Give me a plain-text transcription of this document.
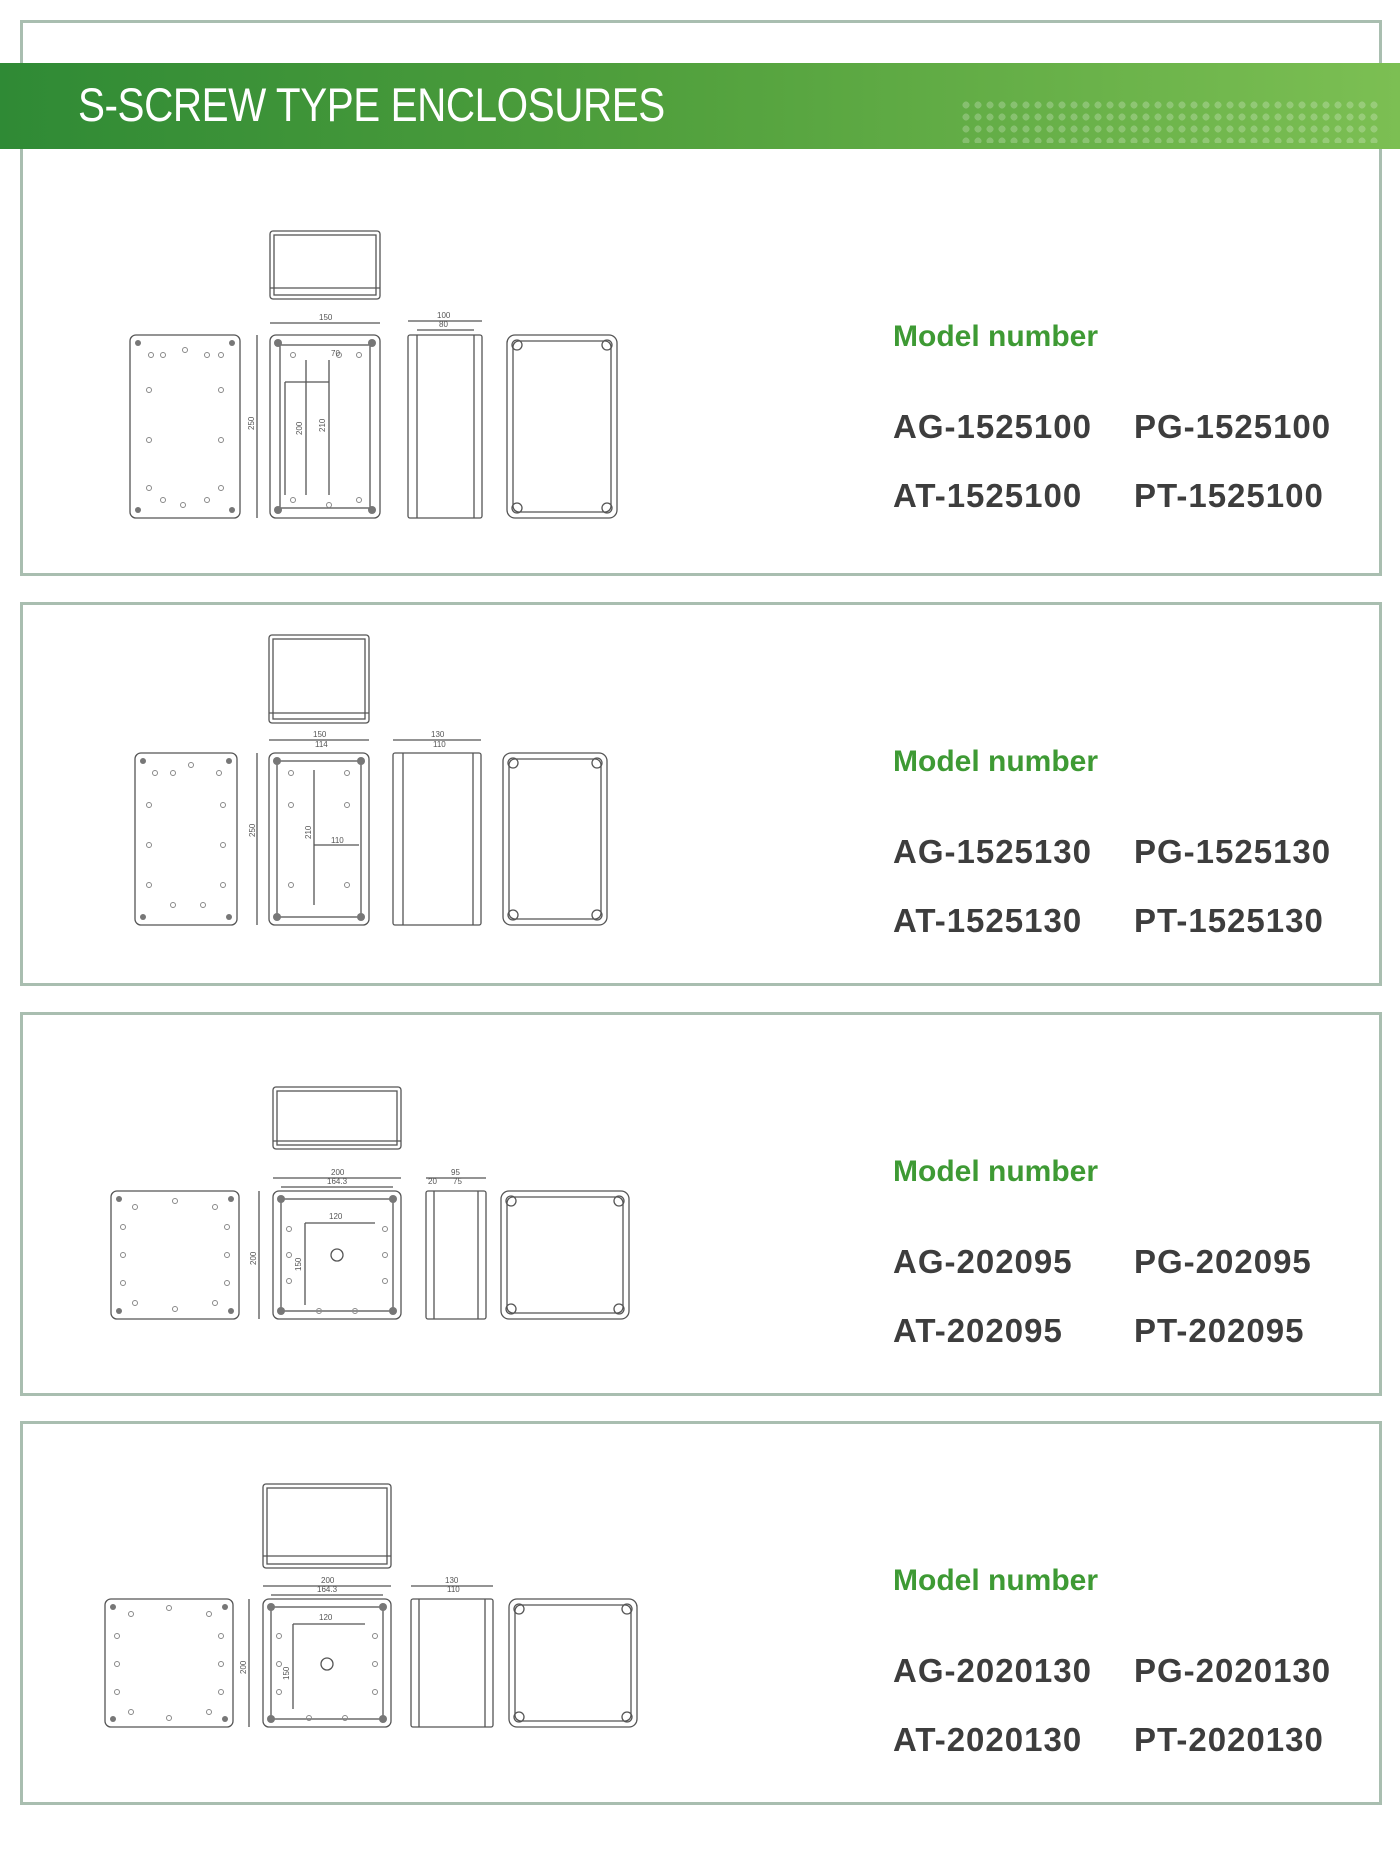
S-SCREW TYPE ENCLOSURES
150	100
80
250	210
200
70
Model number
AG-1525100 PG-1525100
AT-1525100 PT-1525100
150
114
130
110
250	210
110
Model number
AG-1525130 PG-1525130
AT-1525130 PT-1525130
200
164.3
95
75
20
200
120
150
Model number
AG-202095 PG-202095
AT-202095 PT-202095
200
164.3
130
110
200
120
150
Model number
AG-2020130 PG-2020130
AT-2020130 PT-2020130
